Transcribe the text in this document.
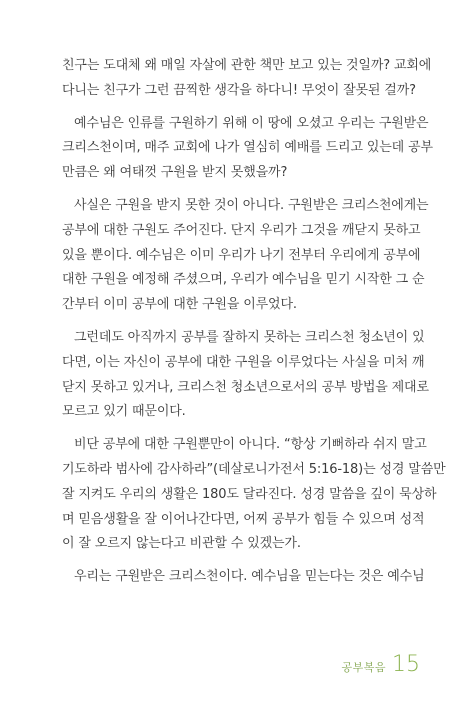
친구는 도대체 왜 매일 자살에 관한 책만 보고 있는 것일까? 교회에
다니는 친구가 그런 끔찍한 생각을 하다니! 무엇이 잘못된 걸까?
예수님은 인류를 구원하기 위해 이 땅에 오셨고 우리는 구원받은
크리스천이며, 매주 교회에 나가 열심히 예배를 드리고 있는데 공부
만큼은 왜 여태껏 구원을 받지 못했을까?
사실은 구원을 받지 못한 것이 아니다. 구원받은 크리스천에게는
공부에 대한 구원도 주어진다. 단지 우리가 그것을 깨닫지 못하고
있을 뿐이다. 예수님은 이미 우리가 나기 전부터 우리에게 공부에
대한 구원을 예정해 주셨으며, 우리가 예수님을 믿기 시작한 그 순
간부터 이미 공부에 대한 구원을 이루었다.
그런데도 아직까지 공부를 잘하지 못하는 크리스천 청소년이 있
다면, 이는 자신이 공부에 대한 구원을 이루었다는 사실을 미처 깨
닫지 못하고 있거나, 크리스천 청소년으로서의 공부 방법을 제대로
모르고 있기 때문이다.
비단 공부에 대한 구원뿐만이 아니다. “항상 기뻐하라 쉬지 말고
기도하라 범사에 감사하라”(데살로니가전서 5:16-18)는 성경 말씀만
잘 지켜도 우리의 생활은 180도 달라진다. 성경 말씀을 깊이 묵상하
며 믿음생활을 잘 이어나간다면, 어찌 공부가 힘들 수 있으며 성적
이 잘 오르지 않는다고 비관할 수 있겠는가.
우리는 구원받은 크리스천이다. 예수님을 믿는다는 것은 예수님
공부복음 15
